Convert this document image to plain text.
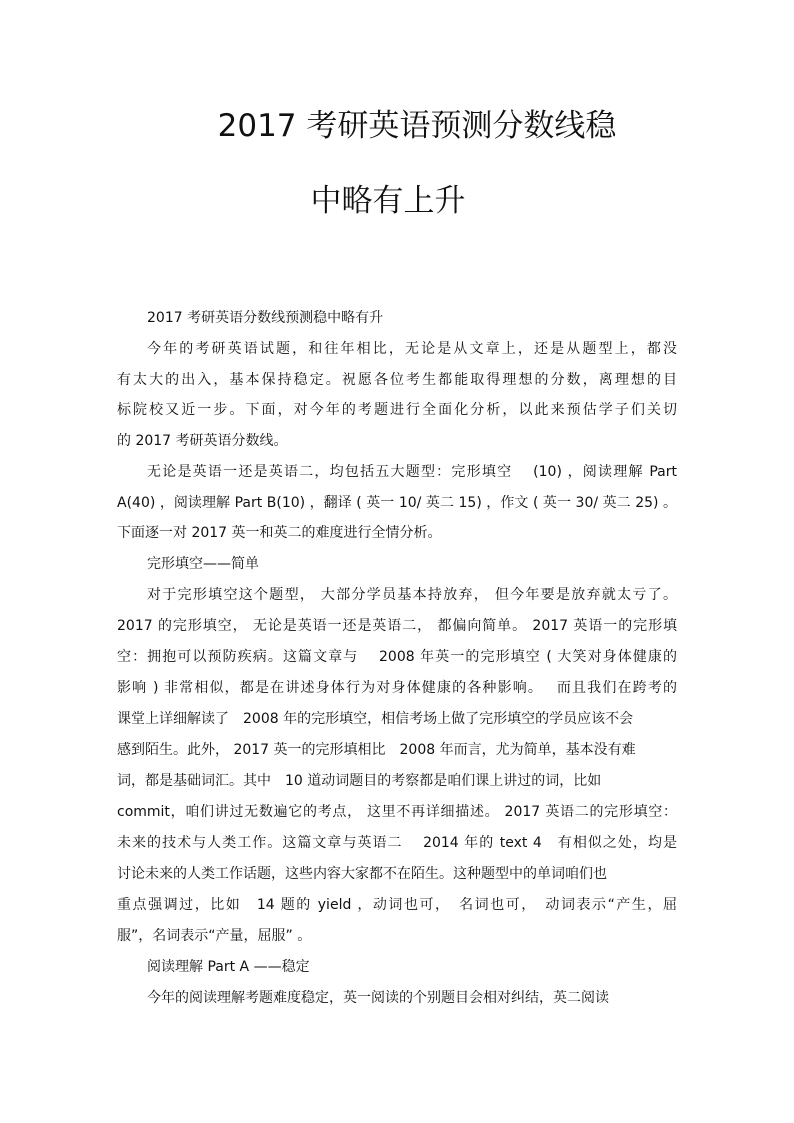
2017 考研英语预测分数线稳
中略有上升

2017 考研英语分数线预测稳中略有升

今年的考研英语试题，和往年相比，无论是从文章上，还是从题型上，都没

有太大的出入，基本保持稳定。祝愿各位考生都能取得理想的分数，离理想的目

标院校又近一步。下面，对今年的考题进行全面化分析，以此来预估学子们关切

的 2017 考研英语分数线。

无论是英语一还是英语二，均包括五大题型：完形填空　 (10) ，阅读理解 Part

A(40) ，阅读理解 Part B(10) ，翻译 ( 英一 10/ 英二 15) ，作文 ( 英一 30/ 英二 25) 。

下面逐一对 2017 英一和英二的难度进行全情分析。

完形填空——简单

对于完形填空这个题型， 大部分学员基本持放弃， 但今年要是放弃就太亏了。

2017 的完形填空， 无论是英语一还是英语二， 都偏向简单。 2017 英语一的完形填

空：拥抱可以预防疾病。这篇文章与　 2008 年英一的完形填空 ( 大笑对身体健康的

影响 ) 非常相似，都是在讲述身体行为对身体健康的各种影响。　 而且我们在跨考的

课堂上详细解读了　2008 年的完形填空，相信考场上做了完形填空的学员应该不会

感到陌生。此外， 2017 英一的完形填相比　2008 年而言，尤为简单，基本没有难

词，都是基础词汇。其中　10 道动词题目的考察都是咱们课上讲过的词，比如

commit，咱们讲过无数遍它的考点， 这里不再详细描述。 2017 英语二的完形填空：

未来的技术与人类工作。这篇文章与英语二　 2014 年的 text 4　有相似之处，均是

讨论未来的人类工作话题，这些内容大家都不在陌生。这种题型中的单词咱们也

重点强调过，比如　14 题的 yield ，动词也可，　名词也可，　动词表示“产生，屈

服”，名词表示“产量，屈服” 。

阅读理解 Part A ——稳定

今年的阅读理解考题难度稳定，英一阅读的个别题目会相对纠结，英二阅读
